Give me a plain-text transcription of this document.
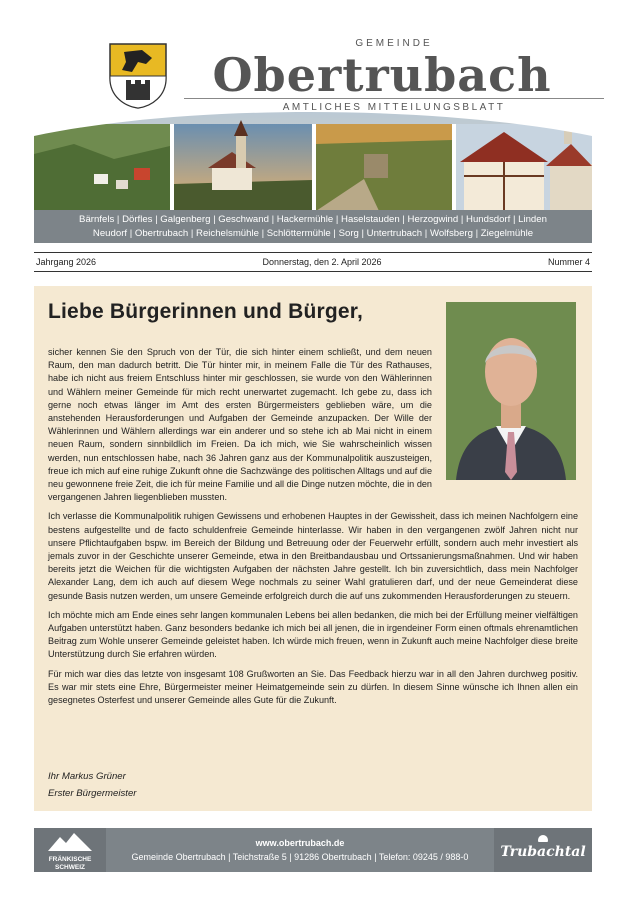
GEMEINDE
Obertrubach
AMTLICHES MITTEILUNGSBLATT
Bärnfels | Dörfles | Galgenberg | Geschwand | Hackermühle | Haselstauden | Herzogwind | Hundsdorf | Linden
Neudorf | Obertrubach | Reichelsmühle | Schlöttermühle | Sorg | Untertrubach | Wolfsberg | Ziegelmühle
Jahrgang 2026	Donnerstag, den 2. April 2026	Nummer 4
Liebe Bürgerinnen und Bürger,

sicher kennen Sie den Spruch von der Tür, die sich hinter einem schließt, und dem neuen Raum, den man dadurch betritt. Die Tür hinter mir, in meinem Falle die Tür des Rathauses, habe ich nicht aus freiem Entschluss hinter mir geschlossen, sie wurde von den Wählerinnen und Wählern meiner Gemeinde für mich recht unerwartet zugemacht. Ich gebe zu, dass ich gerne noch etwas länger im Amt des ersten Bürgermeisters geblieben wäre, um die anstehenden Herausforderungen und Aufgaben der Gemeinde anzupacken. Der Wille der Wählerinnen und Wählern allerdings war ein anderer und so stehe ich ab Mai nicht in einem neuen Raum, sondern sinnbildlich im Freien. Da ich mich, wie Sie wahrscheinlich wissen werden, nun entschlossen habe, nach 36 Jahren ganz aus der Kommunalpolitik auszusteigen, freue ich mich auf eine ruhige Zukunft ohne die Sachzwänge des politischen Alltags und auf die neu gewonnene freie Zeit, die ich für meine Familie und all die Dinge nutzen möchte, die in den vergangenen Jahren liegenblieben mussten.

Ich verlasse die Kommunalpolitik ruhigen Gewissens und erhobenen Hauptes in der Gewissheit, dass ich meinen Nachfolgern eine bestens aufgestellte und de facto schuldenfreie Gemeinde hinterlasse. Wir haben in den vergangenen zwölf Jahren nicht nur unsere Pflichtaufgaben bspw. im Bereich der Bildung und Betreuung oder der Feuerwehr erfüllt, sondern auch mehr investiert als jemals zuvor in der Geschichte unserer Gemeinde, etwa in den Breitbandausbau und Ortssanierungsmaßnahmen. Und wir haben bereits jetzt die Weichen für die wichtigsten Aufgaben der nächsten Jahre gestellt. Ich bin zuversichtlich, dass mein Nachfolger Alexander Lang, dem ich auch auf diesem Wege nochmals zu seiner Wahl gratulieren darf, und der neue Gemeinderat diese gesunde Basis nutzen werden, um unsere Gemeinde erfolgreich durch die auf uns zukommenden Herausforderungen zu steuern.

Ich möchte mich am Ende eines sehr langen kommunalen Lebens bei allen bedanken, die mich bei der Erfüllung meiner vielfältigen Aufgaben unterstützt haben. Ganz besonders bedanke ich mich bei all jenen, die in irgendeiner Form einen oftmals ehrenamtlichen Beitrag zum Wohle unserer Gemeinde geleistet haben. Ich würde mich freuen, wenn in Zukunft auch meine Nachfolger diese breite Unterstützung durch Sie erfahren würden.

Für mich war dies das letzte von insgesamt 108 Grußworten an Sie. Das Feedback hierzu war in all den Jahren durchweg positiv. Es war mir stets eine Ehre, Bürgermeister meiner Heimatgemeinde sein zu dürfen. In diesem Sinne wünsche ich Ihnen allen ein gesegnetes Osterfest und unserer Gemeinde alles Gute für die Zukunft.

Ihr Markus Grüner
Erster Bürgermeister
FRÄNKISCHE SCHWEIZ
www.obertrubach.de
Gemeinde Obertrubach | Teichstraße 5 | 91286 Obertrubach | Telefon: 09245 / 988-0	Trubachtal
